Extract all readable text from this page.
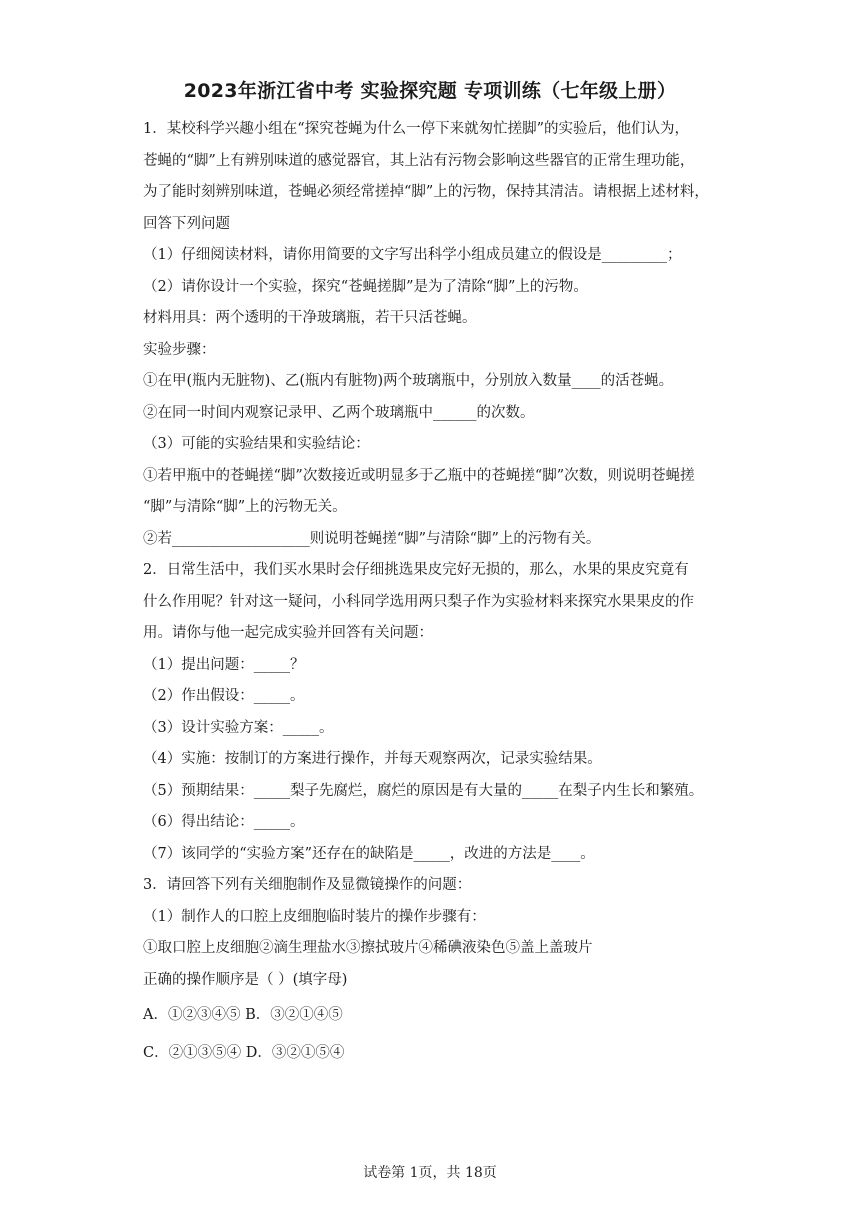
2023年浙江省中考 实验探究题 专项训练（七年级上册）
1．某校科学兴趣小组在“探究苍蝇为什么一停下来就匆忙搓脚”的实验后，他们认为，
苍蝇的“脚”上有辨别味道的感觉器官，其上沾有污物会影响这些器官的正常生理功能，
为了能时刻辨别味道，苍蝇必须经常搓掉“脚”上的污物，保持其清洁。请根据上述材料，
回答下列问题
（1）仔细阅读材料，请你用简要的文字写出科学小组成员建立的假设是_________；
（2）请你设计一个实验，探究“苍蝇搓脚”是为了清除“脚”上的污物。
材料用具：两个透明的干净玻璃瓶，若干只活苍蝇。
实验步骤：
①在甲(瓶内无脏物)、乙(瓶内有脏物)两个玻璃瓶中，分别放入数量____的活苍蝇。
②在同一时间内观察记录甲、乙两个玻璃瓶中______的次数。
（3）可能的实验结果和实验结论：
①若甲瓶中的苍蝇搓“脚”次数接近或明显多于乙瓶中的苍蝇搓“脚”次数，则说明苍蝇搓
“脚”与清除“脚”上的污物无关。
②若___________________则说明苍蝇搓“脚”与清除“脚”上的污物有关。
2．日常生活中，我们买水果时会仔细挑选果皮完好无损的，那么，水果的果皮究竟有
什么作用呢？针对这一疑问，小科同学选用两只梨子作为实验材料来探究水果果皮的作
用。请你与他一起完成实验并回答有关问题：
（1）提出问题：_____？
（2）作出假设：_____。
（3）设计实验方案：_____。
（4）实施：按制订的方案进行操作，并每天观察两次，记录实验结果。
（5）预期结果：_____梨子先腐烂，腐烂的原因是有大量的_____在梨子内生长和繁殖。
（6）得出结论：_____。
（7）该同学的“实验方案”还存在的缺陷是_____，改进的方法是____。
3．请回答下列有关细胞制作及显微镜操作的问题：
（1）制作人的口腔上皮细胞临时装片的操作步骤有：
①取口腔上皮细胞②滴生理盐水③擦拭玻片④稀碘液染色⑤盖上盖玻片
正确的操作顺序是（ ）(填字母)
A．①②③④⑤ B．③②①④⑤
C．②①③⑤④ D．③②①⑤④
试卷第 1页，共 18页
